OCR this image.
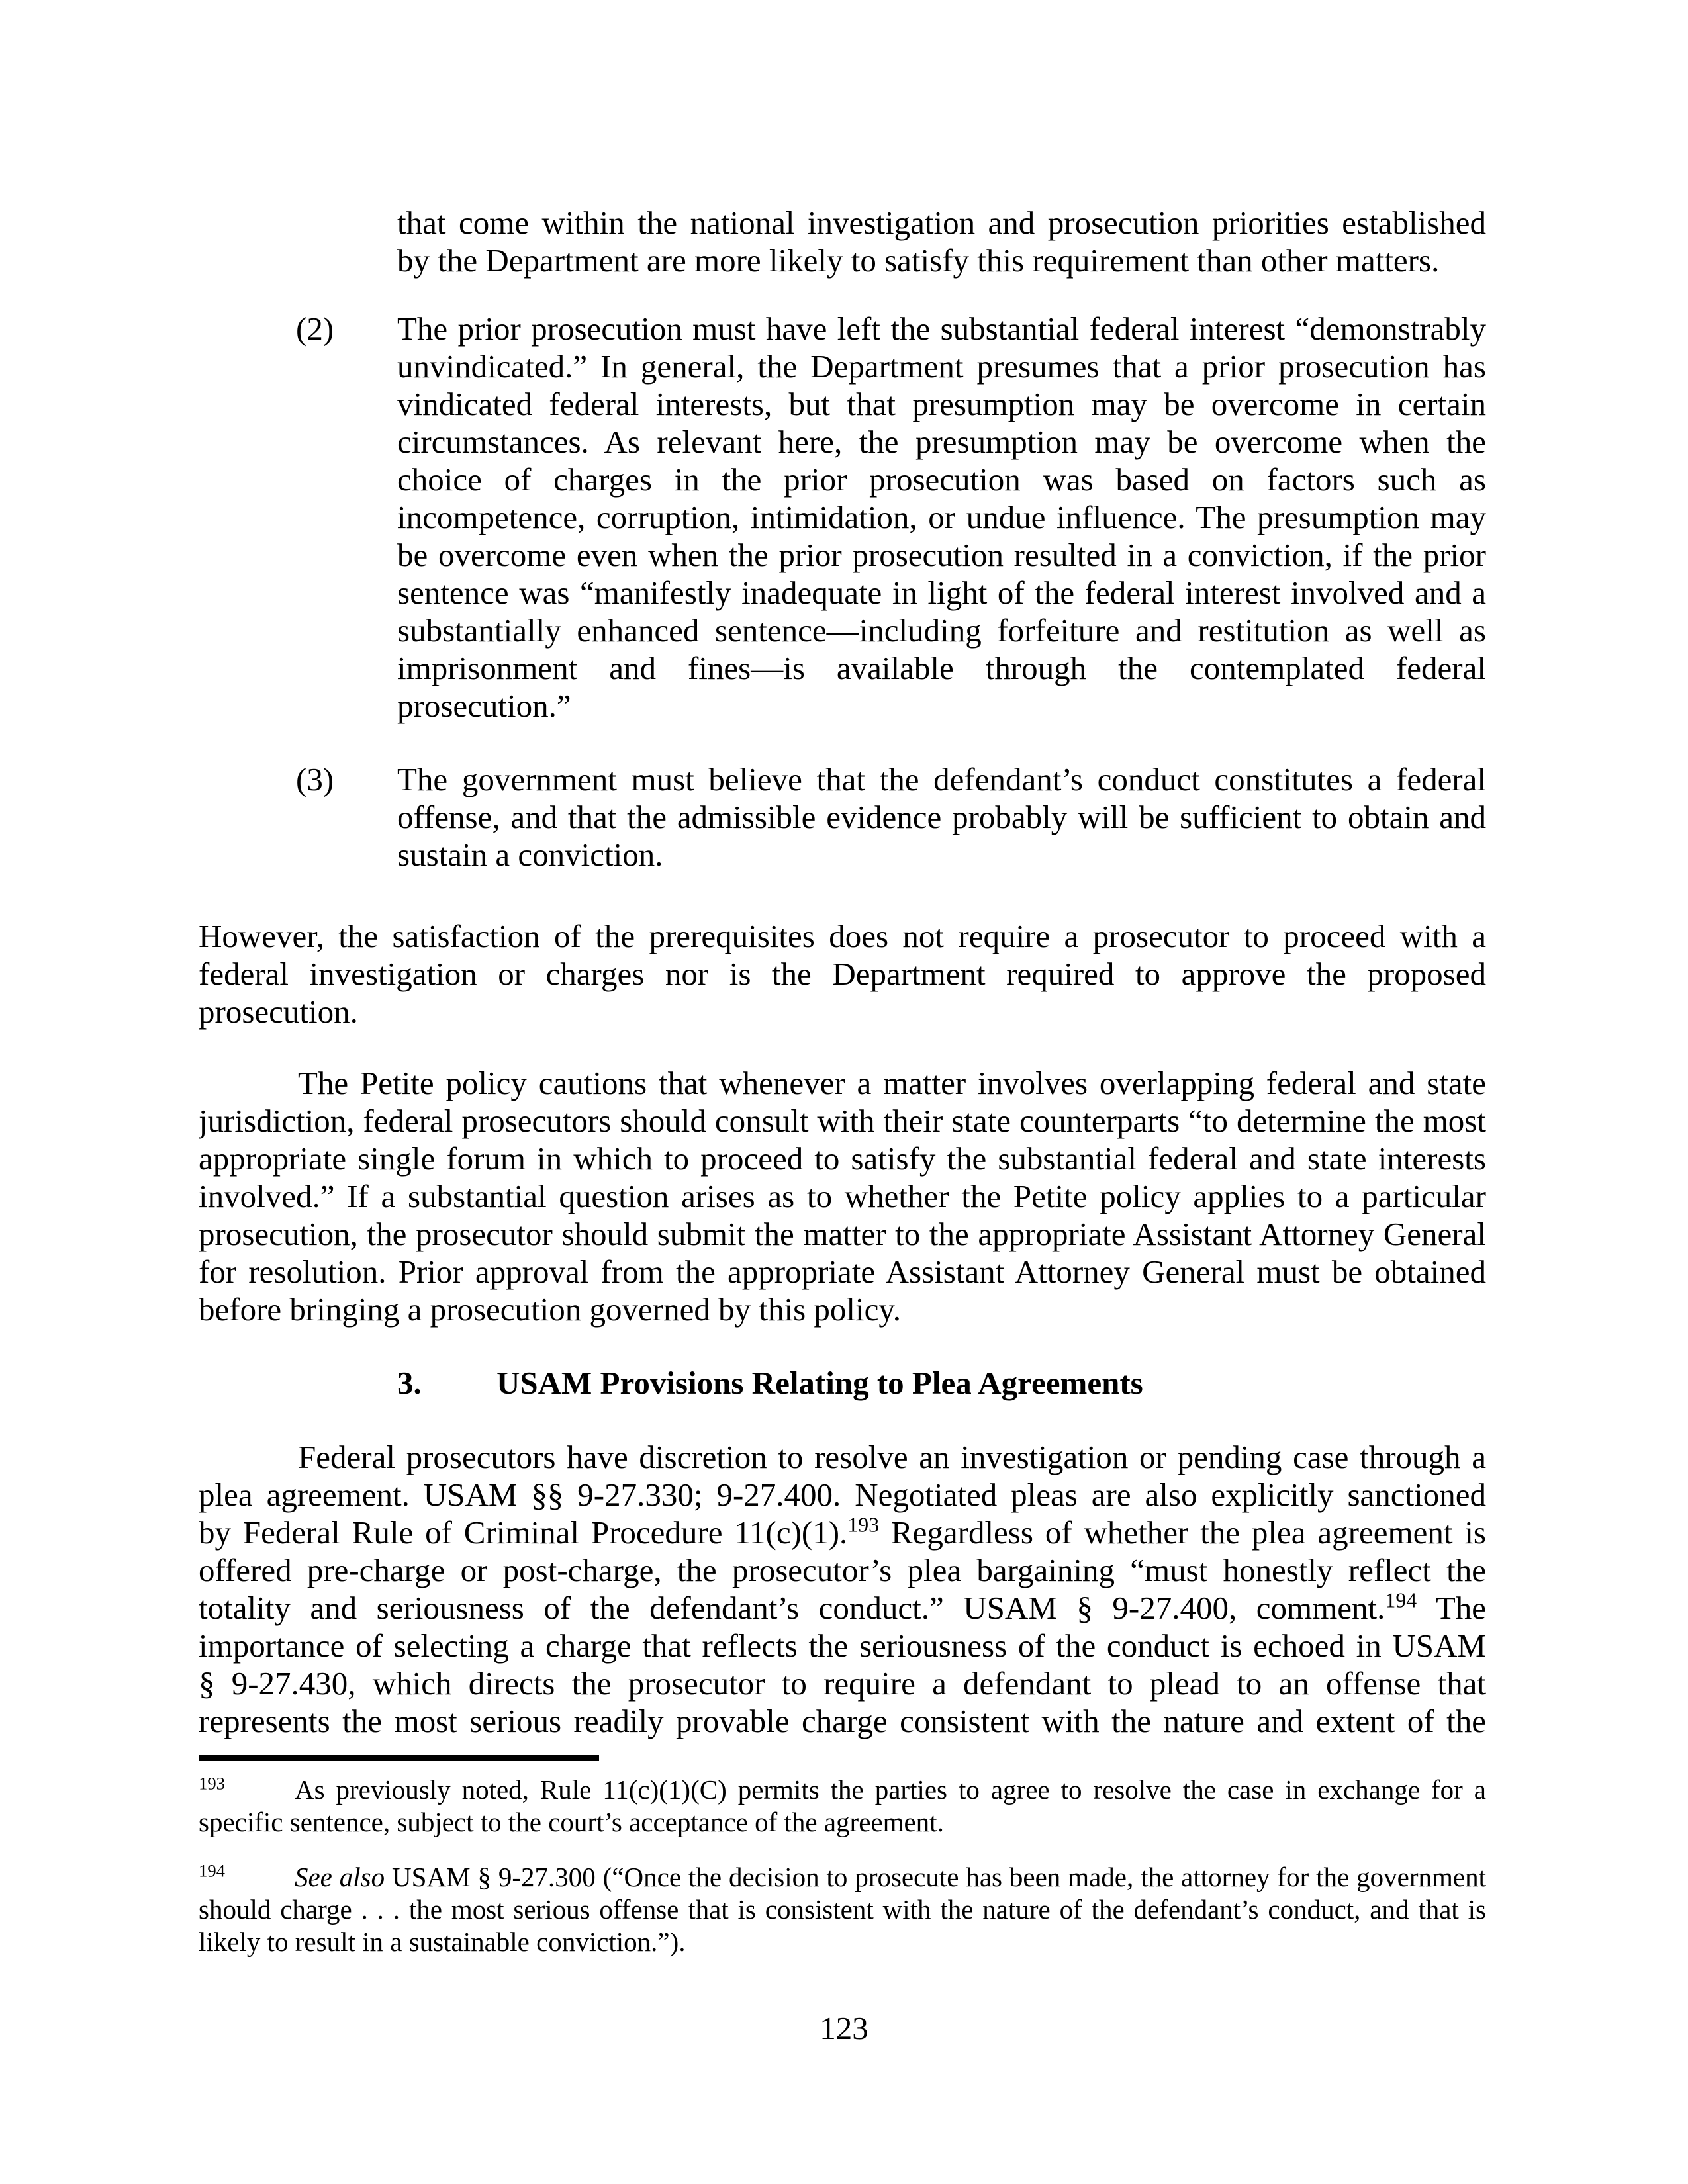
that come within the national investigation and prosecution priorities established
by the Department are more likely to satisfy this requirement than other matters.
(2) The prior prosecution must have left the substantial federal interest “demonstrably
unvindicated.” In general, the Department presumes that a prior prosecution has
vindicated federal interests, but that presumption may be overcome in certain
circumstances. As relevant here, the presumption may be overcome when the
choice of charges in the prior prosecution was based on factors such as
incompetence, corruption, intimidation, or undue influence. The presumption may
be overcome even when the prior prosecution resulted in a conviction, if the prior
sentence was “manifestly inadequate in light of the federal interest involved and a
substantially enhanced sentence—including forfeiture and restitution as well as
imprisonment and fines—is available through the contemplated federal
prosecution.”
(3) The government must believe that the defendant’s conduct constitutes a federal
offense, and that the admissible evidence probably will be sufficient to obtain and
sustain a conviction.
However, the satisfaction of the prerequisites does not require a prosecutor to proceed with a
federal investigation or charges nor is the Department required to approve the proposed
prosecution.
The Petite policy cautions that whenever a matter involves overlapping federal and state
jurisdiction, federal prosecutors should consult with their state counterparts “to determine the most
appropriate single forum in which to proceed to satisfy the substantial federal and state interests
involved.” If a substantial question arises as to whether the Petite policy applies to a particular
prosecution, the prosecutor should submit the matter to the appropriate Assistant Attorney General
for resolution. Prior approval from the appropriate Assistant Attorney General must be obtained
before bringing a prosecution governed by this policy.
3. USAM Provisions Relating to Plea Agreements
Federal prosecutors have discretion to resolve an investigation or pending case through a
plea agreement. USAM §§ 9-27.330; 9-27.400. Negotiated pleas are also explicitly sanctioned
by Federal Rule of Criminal Procedure 11(c)(1).$^{193}$ Regardless of whether the plea agreement is
offered pre-charge or post-charge, the prosecutor’s plea bargaining “must honestly reflect the
totality and seriousness of the defendant’s conduct.” USAM § 9-27.400, comment.$^{194}$ The
importance of selecting a charge that reflects the seriousness of the conduct is echoed in USAM
§ 9-27.430, which directs the prosecutor to require a defendant to plead to an offense that
represents the most serious readily provable charge consistent with the nature and extent of the
$^{193}$	As previously noted, Rule 11(c)(1)(C) permits the parties to agree to resolve the case in exchange for a
specific sentence, subject to the court’s acceptance of the agreement.
$^{194}$	See also USAM § 9-27.300 (“Once the decision to prosecute has been made, the attorney for the government
should charge . . . the most serious offense that is consistent with the nature of the defendant’s conduct, and that is
likely to result in a sustainable conviction.”).
123
